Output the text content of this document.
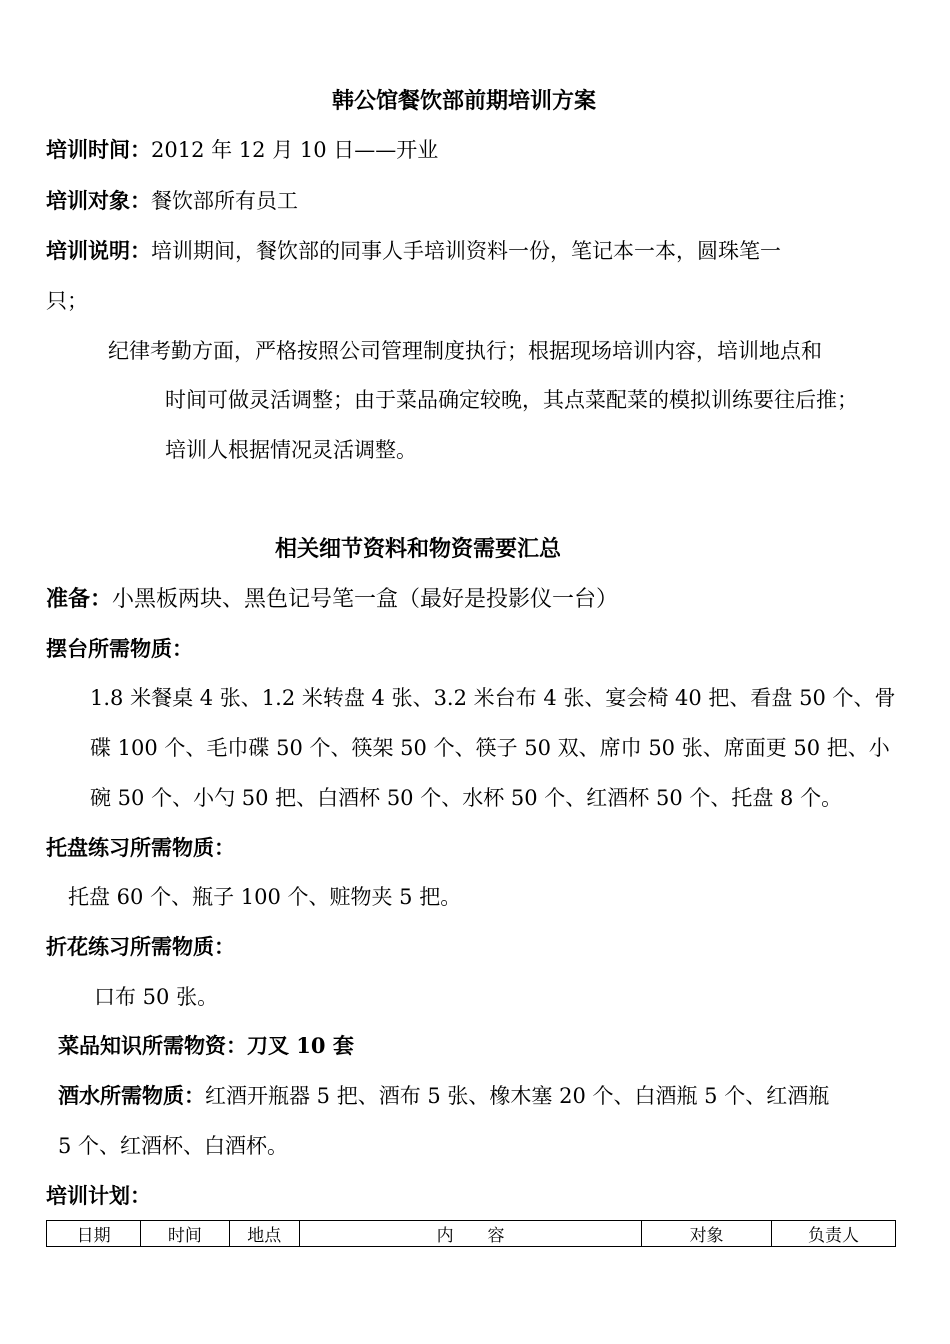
韩公馆餐饮部前期培训方案
培训时间：2012 年 12 月 10 日——开业
培训对象：餐饮部所有员工
培训说明：培训期间，餐饮部的同事人手培训资料一份，笔记本一本，圆珠笔一
只；
纪律考勤方面，严格按照公司管理制度执行；根据现场培训内容，培训地点和
时间可做灵活调整；由于菜品确定较晚，其点菜配菜的模拟训练要往后推；
培训人根据情况灵活调整。
相关细节资料和物资需要汇总
准备：小黑板两块、黑色记号笔一盒（最好是投影仪一台）
摆台所需物质：
1.8 米餐桌 4 张、1.2 米转盘 4 张、3.2 米台布 4 张、宴会椅 40 把、看盘 50 个、骨
碟 100 个、毛巾碟 50 个、筷架 50 个、筷子 50 双、席巾 50 张、席面更 50 把、小
碗 50 个、小勺 50 把、白酒杯 50 个、水杯 50 个、红酒杯 50 个、托盘 8 个。
托盘练习所需物质：
托盘 60 个、瓶子 100 个、赃物夹 5 把。
折花练习所需物质：
口布 50 张。
菜品知识所需物资：刀叉 10 套
酒水所需物质：红酒开瓶器 5 把、酒布 5 张、橡木塞 20 个、白酒瓶 5 个、红酒瓶
5 个、红酒杯、白酒杯。
培训计划：
日期	时间	地点	内　　容	对象	负责人
